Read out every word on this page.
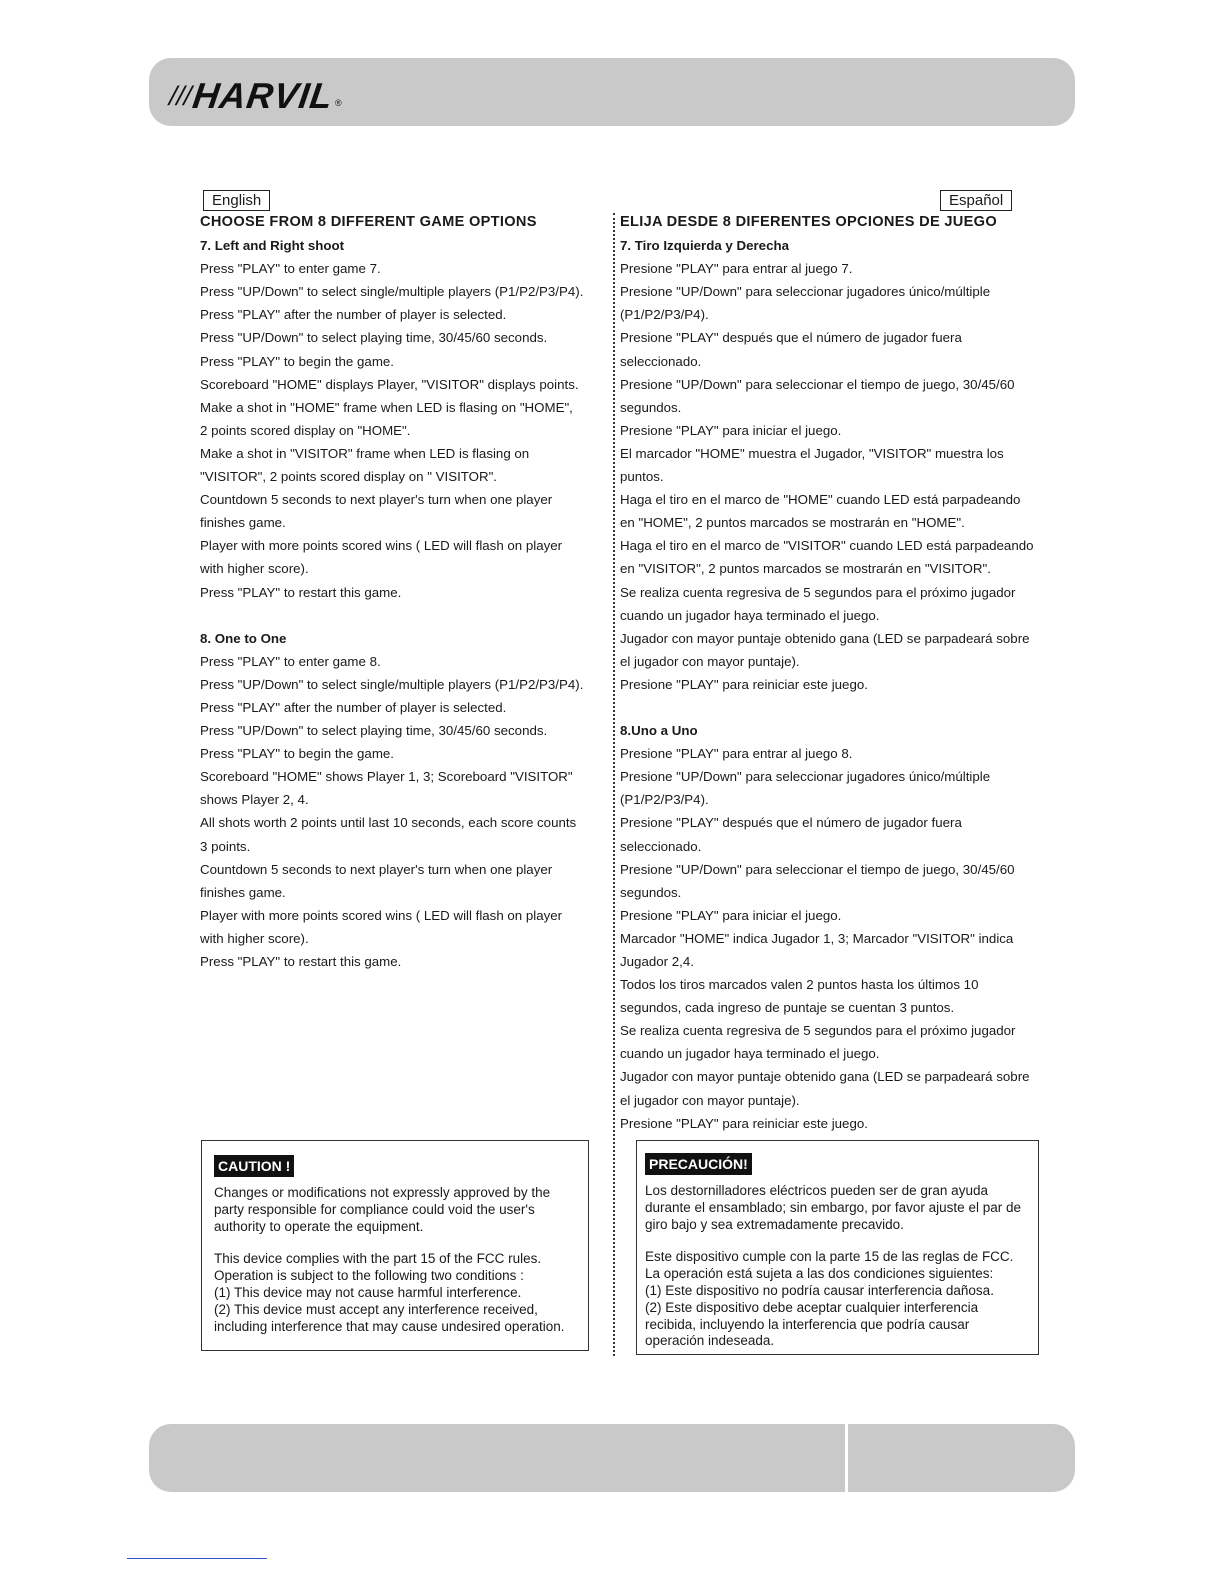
/// HARVIL ®
English	Español
CHOOSE FROM 8 DIFFERENT GAME OPTIONS
7. Left and Right shoot
Press "PLAY" to enter game 7.
Press "UP/Down" to select single/multiple players (P1/P2/P3/P4).
Press "PLAY" after the number of player is selected.
Press "UP/Down" to select playing time, 30/45/60 seconds.
Press "PLAY" to begin the game.
Scoreboard "HOME" displays Player, "VISITOR" displays points.
Make a shot in "HOME" frame when LED is flasing on "HOME",
2 points scored display on "HOME".
Make a shot in "VISITOR" frame when LED is flasing on
"VISITOR", 2 points scored display on " VISITOR".
Countdown 5 seconds to next player's turn when one player
finishes game.
Player with more points scored wins ( LED will flash on player
with higher score).
Press "PLAY" to restart this game.
8. One to One
Press "PLAY" to enter game 8.
Press "UP/Down" to select single/multiple players (P1/P2/P3/P4).
Press "PLAY" after the number of player is selected.
Press "UP/Down" to select playing time, 30/45/60 seconds.
Press "PLAY" to begin the game.
Scoreboard "HOME" shows Player 1, 3; Scoreboard "VISITOR"
shows Player 2, 4.
All shots worth 2 points until last 10 seconds, each score counts
3 points.
Countdown 5 seconds to next player's turn when one player
finishes game.
Player with more points scored wins ( LED will flash on player
with higher score).
Press "PLAY" to restart this game.
ELIJA DESDE 8 DIFERENTES OPCIONES DE JUEGO
7. Tiro Izquierda y Derecha
Presione "PLAY" para entrar al juego 7.
Presione "UP/Down" para seleccionar jugadores único/múltiple
(P1/P2/P3/P4).
Presione "PLAY" después que el número de jugador fuera
seleccionado.
Presione "UP/Down" para seleccionar el tiempo de juego, 30/45/60
segundos.
Presione "PLAY" para iniciar el juego.
El marcador "HOME" muestra el Jugador, "VISITOR" muestra los
puntos.
Haga el tiro en el marco de "HOME" cuando LED está parpadeando
en "HOME", 2 puntos marcados se mostrarán en "HOME".
Haga el tiro en el marco de "VISITOR" cuando LED está parpadeando
en "VISITOR", 2 puntos marcados se mostrarán en "VISITOR".
Se realiza cuenta regresiva de 5 segundos para el próximo jugador
cuando un jugador haya terminado el juego.
Jugador con mayor puntaje obtenido gana (LED se parpadeará sobre
el jugador con mayor puntaje).
Presione "PLAY" para reiniciar este juego.
8.Uno a Uno
Presione "PLAY" para entrar al juego 8.
Presione "UP/Down" para seleccionar jugadores único/múltiple
(P1/P2/P3/P4).
Presione "PLAY" después que el número de jugador fuera
seleccionado.
Presione "UP/Down" para seleccionar el tiempo de juego, 30/45/60
segundos.
Presione "PLAY" para iniciar el juego.
Marcador "HOME" indica Jugador 1, 3; Marcador "VISITOR" indica
Jugador 2,4.
Todos los tiros marcados valen 2 puntos hasta los últimos 10
segundos, cada ingreso de puntaje se cuentan 3 puntos.
Se realiza cuenta regresiva de 5 segundos para el próximo jugador
cuando un jugador haya terminado el juego.
Jugador con mayor puntaje obtenido gana (LED se parpadeará sobre
el jugador con mayor puntaje).
Presione "PLAY" para reiniciar este juego.
CAUTION !
Changes or modifications not expressly approved by the
party responsible for compliance could void the user's
authority to operate the equipment.
This device complies with the part 15 of the FCC rules.
Operation is subject to the following two conditions :
(1) This device may not cause harmful interference.
(2) This device must accept any interference received,
including interference that may cause undesired operation.
PRECAUCIÓN!
Los destornilladores eléctricos pueden ser de gran ayuda
durante el ensamblado; sin embargo, por favor ajuste el par de
giro bajo y sea extremadamente precavido.
Este dispositivo cumple con la parte 15 de las reglas de FCC.
La operación está sujeta a las dos condiciones siguientes:
(1) Este dispositivo no podría causar interferencia dañosa.
(2) Este dispositivo debe aceptar cualquier interferencia
recibida, incluyendo la interferencia que podría causar
operación indeseada.
